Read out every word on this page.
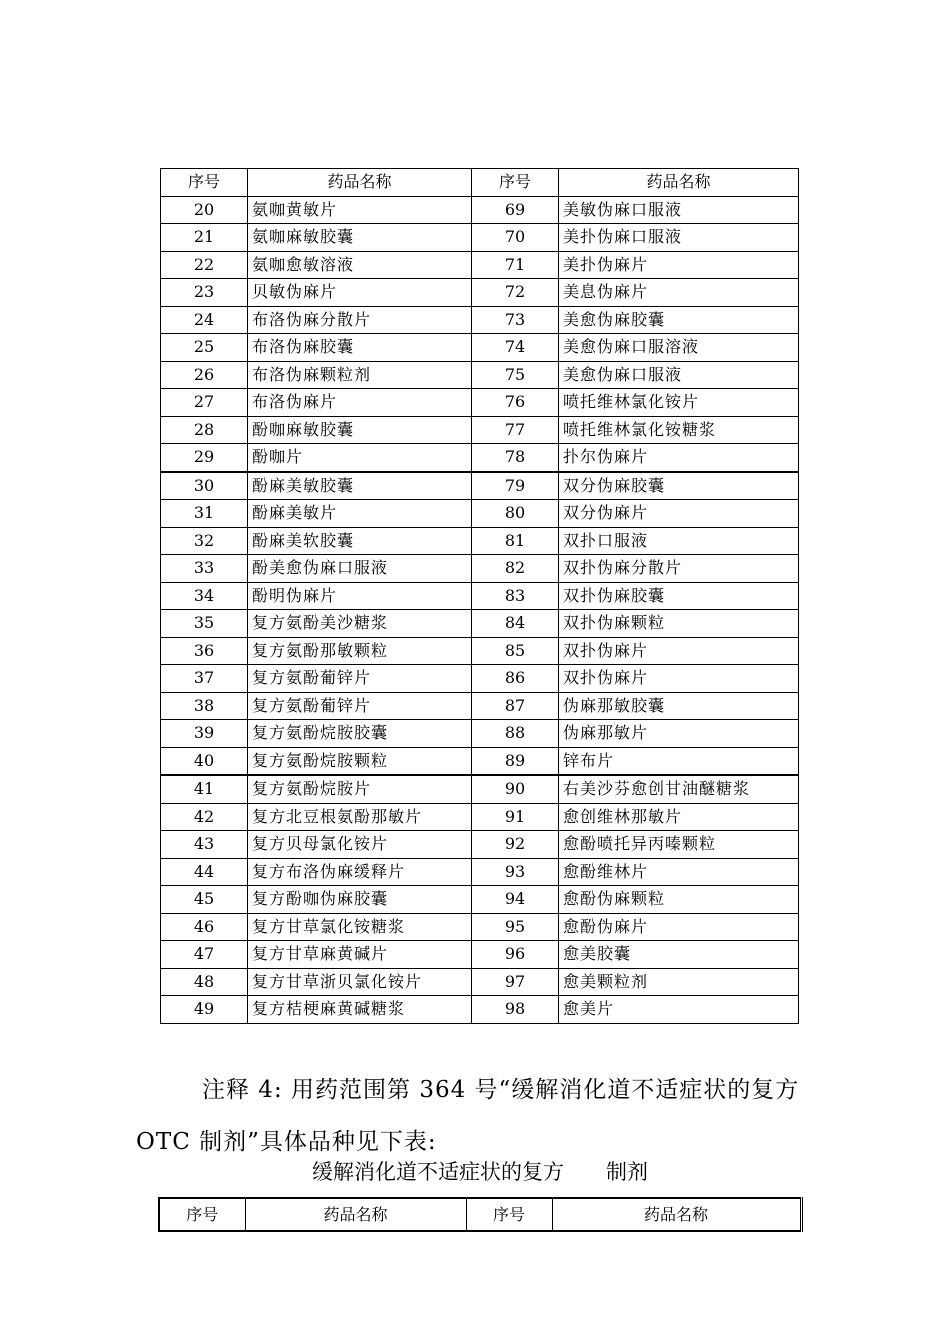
序号	药品名称	序号	药品名称
20	氨咖黄敏片	69	美敏伪麻口服液
21	氨咖麻敏胶囊	70	美扑伪麻口服液
22	氨咖愈敏溶液	71	美扑伪麻片
23	贝敏伪麻片	72	美息伪麻片
24	布洛伪麻分散片	73	美愈伪麻胶囊
25	布洛伪麻胶囊	74	美愈伪麻口服溶液
26	布洛伪麻颗粒剂	75	美愈伪麻口服液
27	布洛伪麻片	76	喷托维林氯化铵片
28	酚咖麻敏胶囊	77	喷托维林氯化铵糖浆
29	酚咖片	78	扑尔伪麻片
30	酚麻美敏胶囊	79	双分伪麻胶囊
31	酚麻美敏片	80	双分伪麻片
32	酚麻美软胶囊	81	双扑口服液
33	酚美愈伪麻口服液	82	双扑伪麻分散片
34	酚明伪麻片	83	双扑伪麻胶囊
35	复方氨酚美沙糖浆	84	双扑伪麻颗粒
36	复方氨酚那敏颗粒	85	双扑伪麻片
37	复方氨酚葡锌片	86	双扑伪麻片
38	复方氨酚葡锌片	87	伪麻那敏胶囊
39	复方氨酚烷胺胶囊	88	伪麻那敏片
40	复方氨酚烷胺颗粒	89	锌布片
41	复方氨酚烷胺片	90	右美沙芬愈创甘油醚糖浆
42	复方北豆根氨酚那敏片	91	愈创维林那敏片
43	复方贝母氯化铵片	92	愈酚喷托异丙嗪颗粒
44	复方布洛伪麻缓释片	93	愈酚维林片
45	复方酚咖伪麻胶囊	94	愈酚伪麻颗粒
46	复方甘草氯化铵糖浆	95	愈酚伪麻片
47	复方甘草麻黄碱片	96	愈美胶囊
48	复方甘草浙贝氯化铵片	97	愈美颗粒剂
49	复方桔梗麻黄碱糖浆	98	愈美片

注释 4: 用药范围第 364 号“缓解消化道不适症状的复方 OTC 制剂”具体品种见下表:

缓解消化道不适症状的复方　　制剂
序号	药品名称	序号	药品名称
